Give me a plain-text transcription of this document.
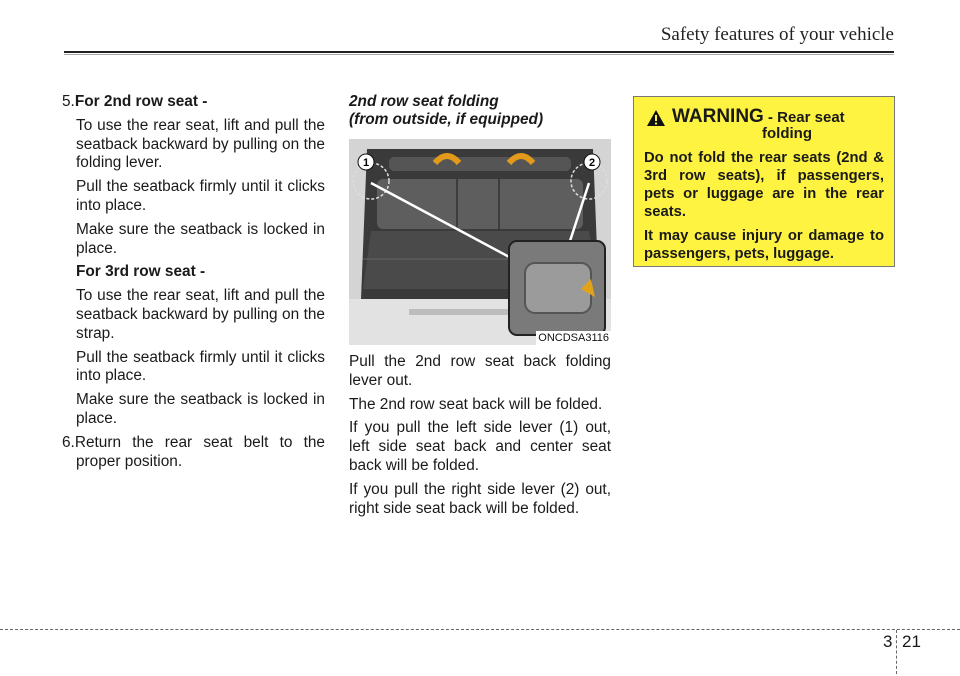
Safety features of your vehicle

5.For 2nd row seat -

To use the rear seat, lift and pull the seatback backward by pulling on the folding lever.

Pull the seatback firmly until it clicks into place.

Make sure the seatback is locked in place.

For 3rd row seat -

To use the rear seat, lift and pull the seatback backward by pulling on the strap.

Pull the seatback firmly until it clicks into place.

Make sure the seatback is locked in place.

6.Return the rear seat belt to the proper position.

2nd row seat folding
(from outside, if equipped)
1	2
ONCDSA3116

Pull the 2nd row seat back folding lever out.

The 2nd row seat back will be folded.

If you pull the left side lever (1) out, left side seat back and center seat back will be folded.

If you pull the right side lever (2) out, right side seat back will be folded.

WARNING - Rear seat
folding

Do not fold the rear seats (2nd & 3rd row seats), if passengers, pets or luggage are in the rear seats.

It may cause injury or damage to passengers, pets, luggage.

3 21
